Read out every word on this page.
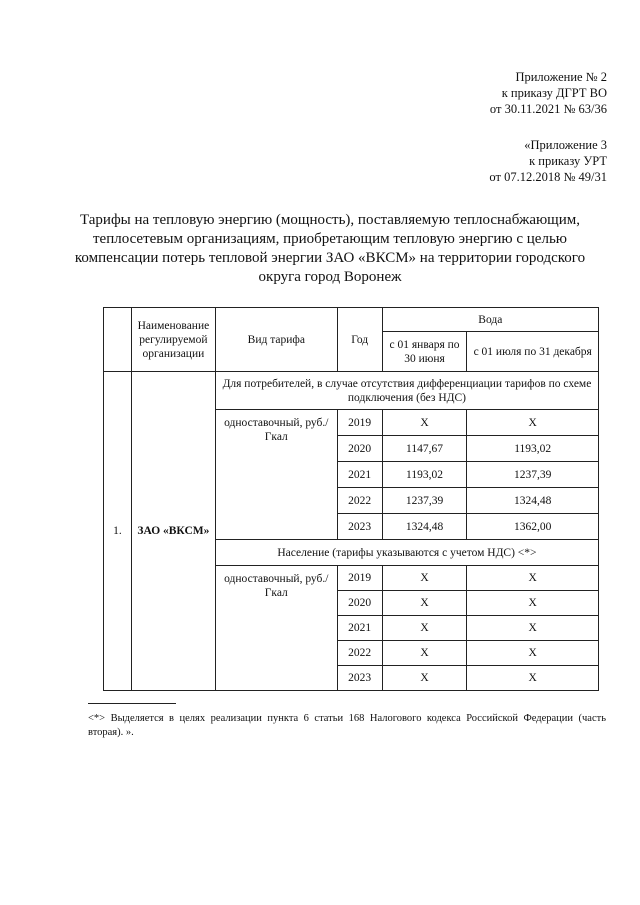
Приложение № 2
к приказу ДГРТ ВО
от 30.11.2021 № 63/36
«Приложение 3
к приказу УРТ
от 07.12.2018 № 49/31
Тарифы на тепловую энергию (мощность), поставляемую теплоснабжающим, теплосетевым организациям, приобретающим тепловую энергию с целью компенсации потерь тепловой энергии ЗАО «ВКСМ» на территории городского округа город Воронеж
	Наименование регулируемой организации	Вид тарифа	Год	Вода	
				с 01 января по 30 июня	с 01 июля по 31 декабря
1.	ЗАО «ВКСМ»	Для потребителей, в случае отсутствия дифференциации тарифов по схеме подключения (без НДС)			
		одноставочный, руб./Гкал	2019	Х	Х
			2020	1147,67	1193,02
			2021	1193,02	1237,39
			2022	1237,39	1324,48
			2023	1324,48	1362,00
		Население (тарифы указываются с учетом НДС) <*>			
		одноставочный, руб./Гкал	2019	Х	Х
			2020	Х	Х
			2021	Х	Х
			2022	Х	Х
			2023	Х	Х
<*> Выделяется в целях реализации пункта 6 статьи 168 Налогового кодекса Российской Федерации (часть вторая). ».
